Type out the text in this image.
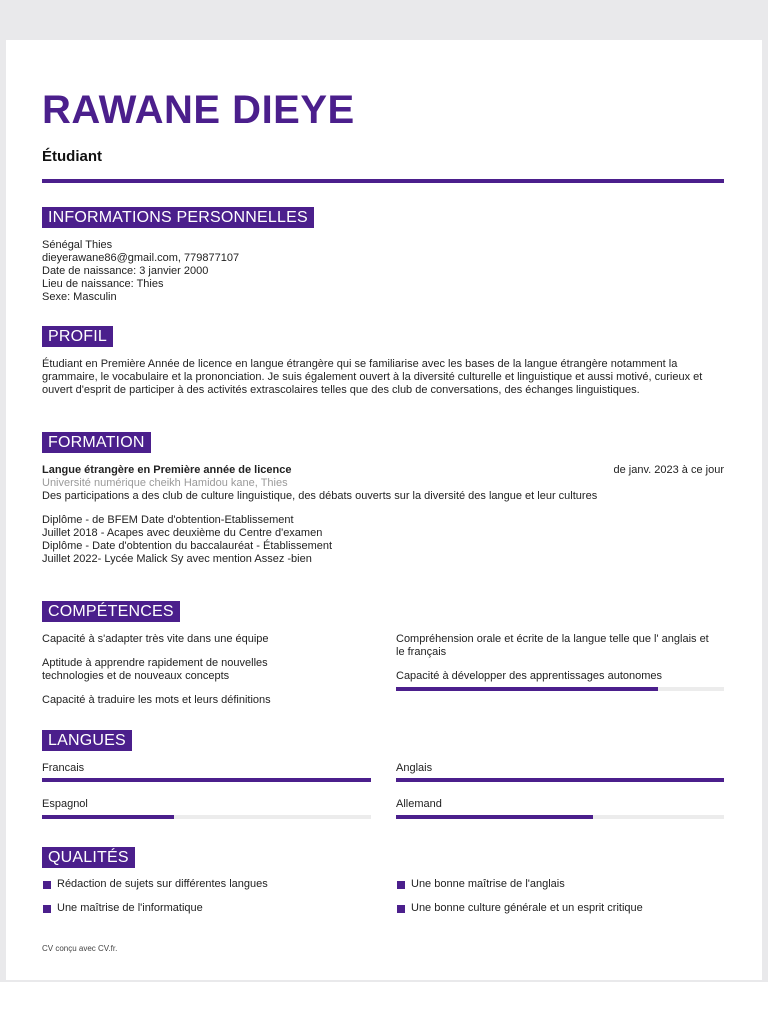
RAWANE DIEYE
Étudiant
INFORMATIONS PERSONNELLES
Sénégal Thies
dieyerawane86@gmail.com, 779877107
Date de naissance: 3 janvier 2000
Lieu de naissance: Thies
Sexe: Masculin
PROFIL
Étudiant en Première Année de licence en langue étrangère qui se familiarise avec les bases de la langue étrangère notamment la grammaire, le vocabulaire et la prononciation. Je suis également ouvert à la diversité culturelle et linguistique et aussi motivé, curieux et ouvert d'esprit de participer à des activités extrascolaires telles que des club de conversations, des échanges linguistiques.
FORMATION
Langue étrangère en Première année de licence	de janv. 2023 à ce jour
Université numérique cheikh Hamidou kane, Thies
Des participations a des club de culture linguistique, des débats ouverts sur la diversité des langue et leur cultures
Diplôme - de BFEM Date d'obtention-Etablissement
Juillet 2018 - Acapes avec deuxième du Centre d'examen
Diplôme - Date d'obtention du baccalauréat - Établissement
Juillet 2022- Lycée Malick Sy avec mention Assez -bien
COMPÉTENCES
Capacité à s'adapter très vite dans une équipe
Aptitude à apprendre rapidement de nouvelles technologies et de nouveaux concepts
Capacité à traduire les mots et leurs définitions
Compréhension orale et écrite de la langue telle que l' anglais et le français
Capacité à développer des apprentissages autonomes
LANGUES
Francais	Anglais
Espagnol	Allemand
QUALITÉS
Rédaction de sujets sur différentes langues	Une bonne maîtrise de l'anglais
Une maîtrise de l'informatique	Une bonne culture générale et un esprit critique
CV conçu avec CV.fr.
